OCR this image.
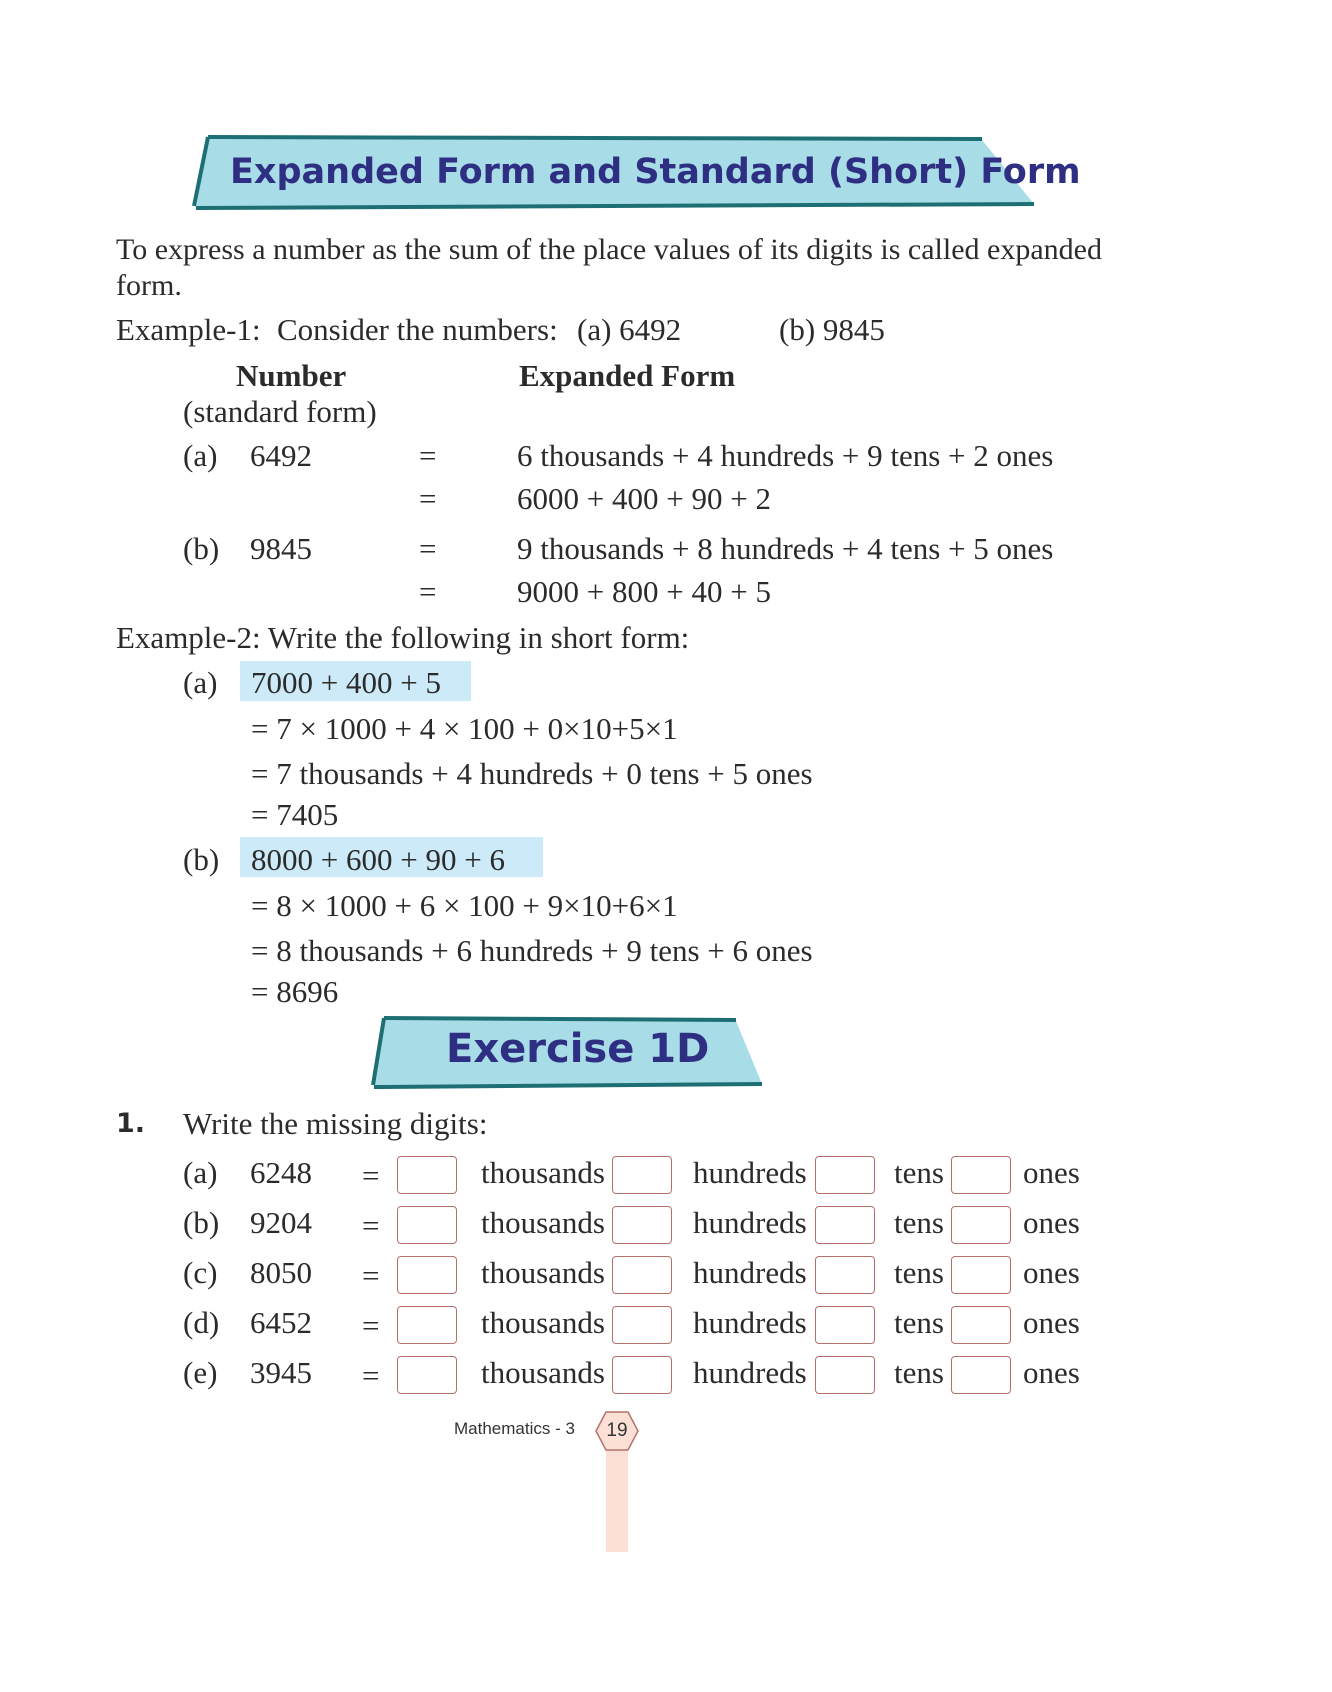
Expanded Form and Standard (Short) Form
To express a number as the sum of the place values of its digits is called expanded
form.
Example-1: Consider the numbers: (a) 6492	(b) 9845
Number	Expanded Form
(standard form)
(a) 6492	=	6 thousands + 4 hundreds + 9 tens + 2 ones
=	6000 + 400 + 90 + 2
(b) 9845	=	9 thousands + 8 hundreds + 4 tens + 5 ones
=	9000 + 800 + 40 + 5
Example-2: Write the following in short form:
(a) 7000 + 400 + 5
= 7 × 1000 + 4 × 100 + 0×10+5×1
= 7 thousands + 4 hundreds + 0 tens + 5 ones
= 7405
(b) 8000 + 600 + 90 + 6
= 8 × 1000 + 6 × 100 + 9×10+6×1
= 8 thousands + 6 hundreds + 9 tens + 6 ones
= 8696
Exercise 1D
1. Write the missing digits:
(a) 6248 =	thousands	hundreds	tens	ones
(b) 9204 =	thousands	hundreds	tens	ones
(c) 8050 =	thousands	hundreds	tens	ones
(d) 6452 =	thousands	hundreds	tens	ones
(e) 3945 =	thousands	hundreds	tens	ones
Mathematics - 3	19
